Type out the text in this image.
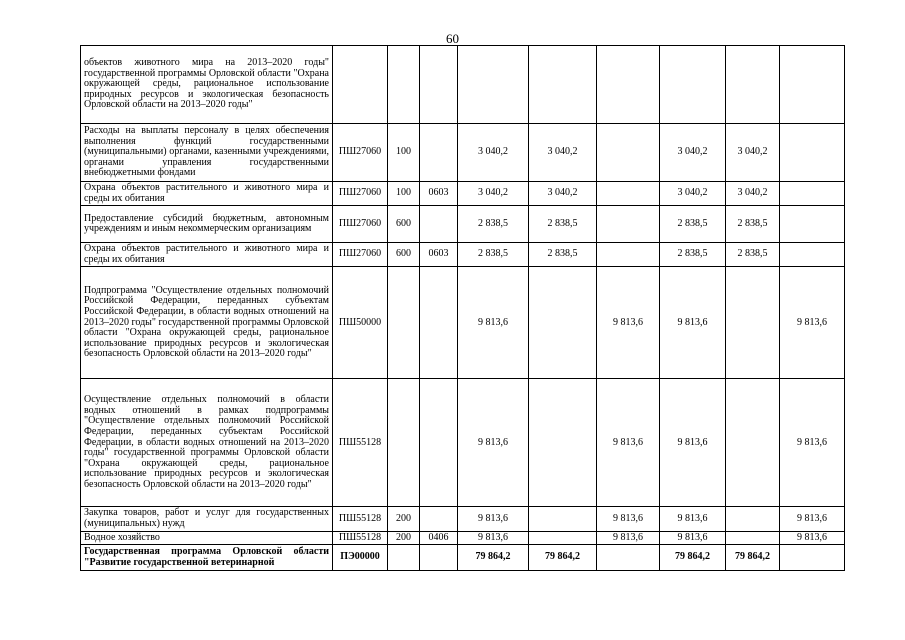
60
объектов животного мира на 2013–2020 годы" государственной программы Орловской области "Охрана окружающей среды, рациональное использование природных ресурсов и экологическая безопасность Орловской области на 2013–2020 годы"									
Расходы на выплаты персоналу в целях обеспечения выполнения функций государственными (муниципальными) органами, казенными учреждениями, органами управления государственными внебюджетными фондами	ПШ27060	100		3 040,2	3 040,2		3 040,2	3 040,2	
Охрана объектов растительного и животного мира и среды их обитания	ПШ27060	100	0603	3 040,2	3 040,2		3 040,2	3 040,2	
Предоставление субсидий бюджетным, автономным учреждениям и иным некоммерческим организациям	ПШ27060	600		2 838,5	2 838,5		2 838,5	2 838,5	
Охрана объектов растительного и животного мира и среды их обитания	ПШ27060	600	0603	2 838,5	2 838,5		2 838,5	2 838,5	
Подпрограмма "Осуществление отдельных полномочий Российской Федерации, переданных субъектам Российской Федерации, в области водных отношений на 2013–2020 годы" государственной программы Орловской области "Охрана окружающей среды, рациональное использование природных ресурсов и экологическая безопасность Орловской области на 2013–2020 годы"	ПШ50000			9 813,6		9 813,6	9 813,6		9 813,6
Осуществление отдельных полномочий в области водных отношений в рамках подпрограммы "Осуществление отдельных полномочий Российской Федерации, переданных субъектам Российской Федерации, в области водных отношений на 2013–2020 годы" государственной программы Орловской области "Охрана окружающей среды, рациональное использование природных ресурсов и экологическая безопасность Орловской области на 2013–2020 годы"	ПШ55128			9 813,6		9 813,6	9 813,6		9 813,6
Закупка товаров, работ и услуг для государственных (муниципальных) нужд	ПШ55128	200		9 813,6		9 813,6	9 813,6		9 813,6
Водное хозяйство	ПШ55128	200	0406	9 813,6		9 813,6	9 813,6		9 813,6
Государственная программа Орловской области "Развитие государственной ветеринарной	ПЭ00000			79 864,2	79 864,2		79 864,2	79 864,2	
